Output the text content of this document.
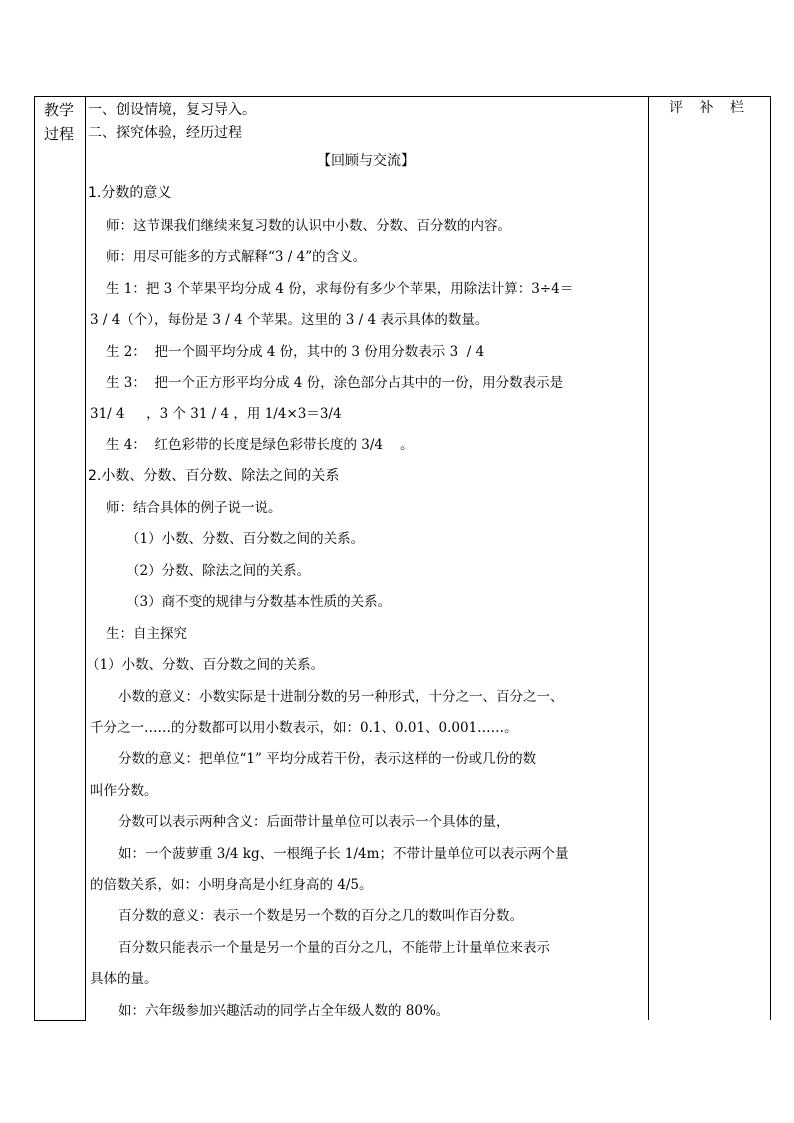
教学
过程
评 补 栏
一、创设情境，复习导入。
二、探究体验，经历过程
【回顾与交流】
1.分数的意义
师：这节课我们继续来复习数的认识中小数、分数、百分数的内容。
师：用尽可能多的方式解释“3 / 4”的含义。
生 1：把 3 个苹果平均分成 4 份，求每份有多少个苹果，用除法计算：3÷4＝
3 / 4（个），每份是 3 / 4 个苹果。这里的 3 / 4 表示具体的数量。
生 2：  把一个圆平均分成 4 份，其中的 3 份用分数表示 3  / 4
生 3：  把一个正方形平均分成 4 份，涂色部分占其中的一份，用分数表示是
31/ 4     ，3 个 31 / 4 ，用 1/4×3＝3/4
生 4：  红色彩带的长度是绿色彩带长度的 3/4    。
2.小数、分数、百分数、除法之间的关系
师：结合具体的例子说一说。
（1）小数、分数、百分数之间的关系。
（2）分数、除法之间的关系。
（3）商不变的规律与分数基本性质的关系。
生：自主探究
（1）小数、分数、百分数之间的关系。
小数的意义：小数实际是十进制分数的另一种形式，十分之一、百分之一、
千分之一……的分数都可以用小数表示，如：0.1、0.01、0.001……。
分数的意义：把单位“1” 平均分成若干份，表示这样的一份或几份的数
叫作分数。
分数可以表示两种含义：后面带计量单位可以表示一个具体的量，
如：一个菠萝重 3/4 kg、一根绳子长 1/4m；不带计量单位可以表示两个量
的倍数关系，如：小明身高是小红身高的 4/5。
百分数的意义：表示一个数是另一个数的百分之几的数叫作百分数。
百分数只能表示一个量是另一个量的百分之几，不能带上计量单位来表示
具体的量。
如：六年级参加兴趣活动的同学占全年级人数的 80%。
